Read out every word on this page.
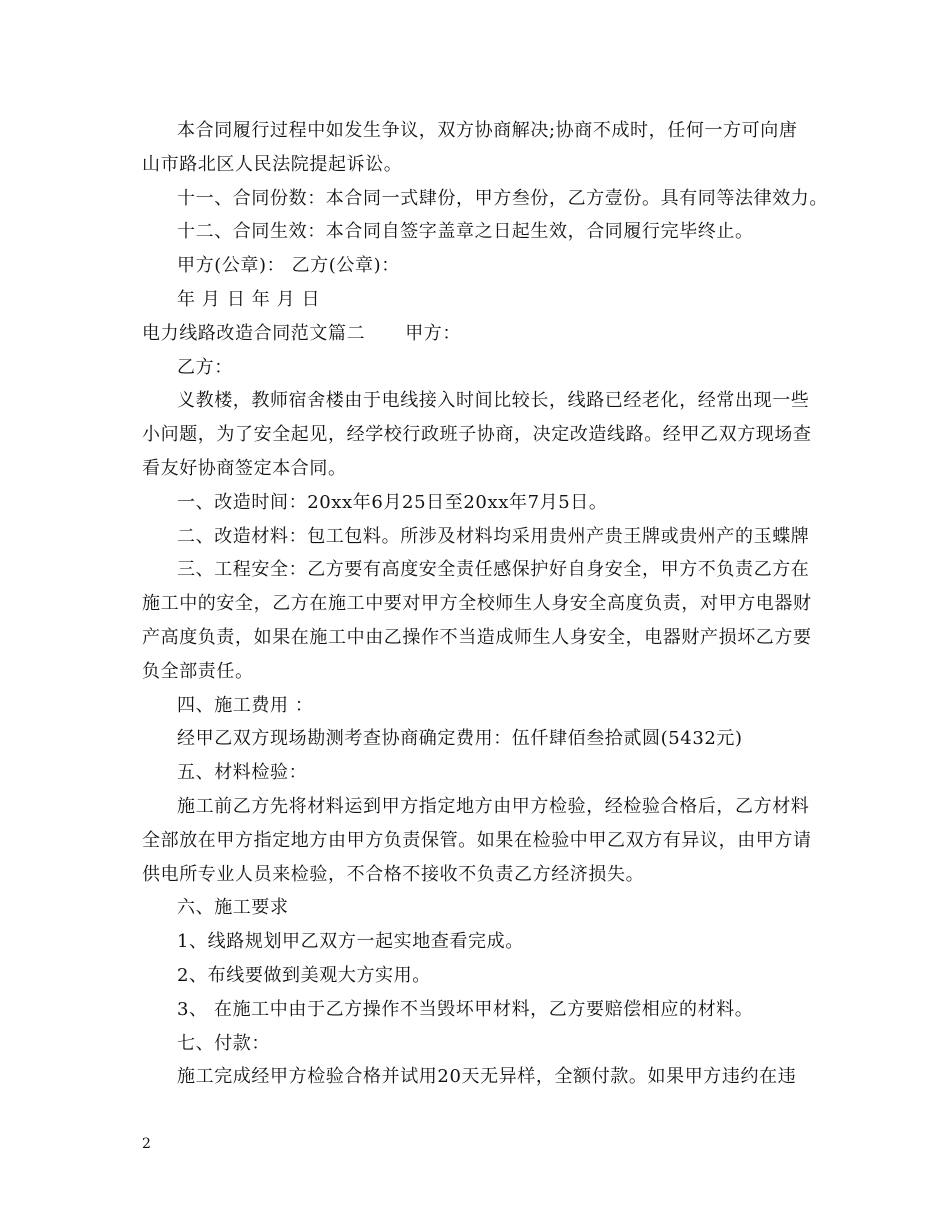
本合同履行过程中如发生争议，双方协商解决;协商不成时，任何一方可向唐
山市路北区人民法院提起诉讼。
十一、合同份数：本合同一式肆份，甲方叁份，乙方壹份。具有同等法律效力。
十二、合同生效：本合同自签字盖章之日起生效，合同履行完毕终止。
甲方(公章)： 乙方(公章)：
年 月 日 年 月 日
电力线路改造合同范文篇二 甲方：
乙方：
义教楼，教师宿舍楼由于电线接入时间比较长，线路已经老化，经常出现一些
小问题，为了安全起见，经学校行政班子协商，决定改造线路。经甲乙双方现场查
看友好协商签定本合同。
一、改造时间：20xx年6月25日至20xx年7月5日。
二、改造材料：包工包料。所涉及材料均采用贵州产贵王牌或贵州产的玉蝶牌
三、工程安全：乙方要有高度安全责任感保护好自身安全，甲方不负责乙方在
施工中的安全，乙方在施工中要对甲方全校师生人身安全高度负责，对甲方电器财
产高度负责，如果在施工中由乙操作不当造成师生人身安全，电器财产损坏乙方要
负全部责任。
四、施工费用 ：
经甲乙双方现场勘测考查协商确定费用：伍仟肆佰叁拾贰圆(5432元)
五、材料检验：
施工前乙方先将材料运到甲方指定地方由甲方检验，经检验合格后，乙方材料
全部放在甲方指定地方由甲方负责保管。如果在检验中甲乙双方有异议，由甲方请
供电所专业人员来检验，不合格不接收不负责乙方经济损失。
六、施工要求
1、线路规划甲乙双方一起实地查看完成。
2、布线要做到美观大方实用。
3、 在施工中由于乙方操作不当毁坏甲材料，乙方要赔偿相应的材料。
七、付款：
施工完成经甲方检验合格并试用20天无异样，全额付款。如果甲方违约在违
2
